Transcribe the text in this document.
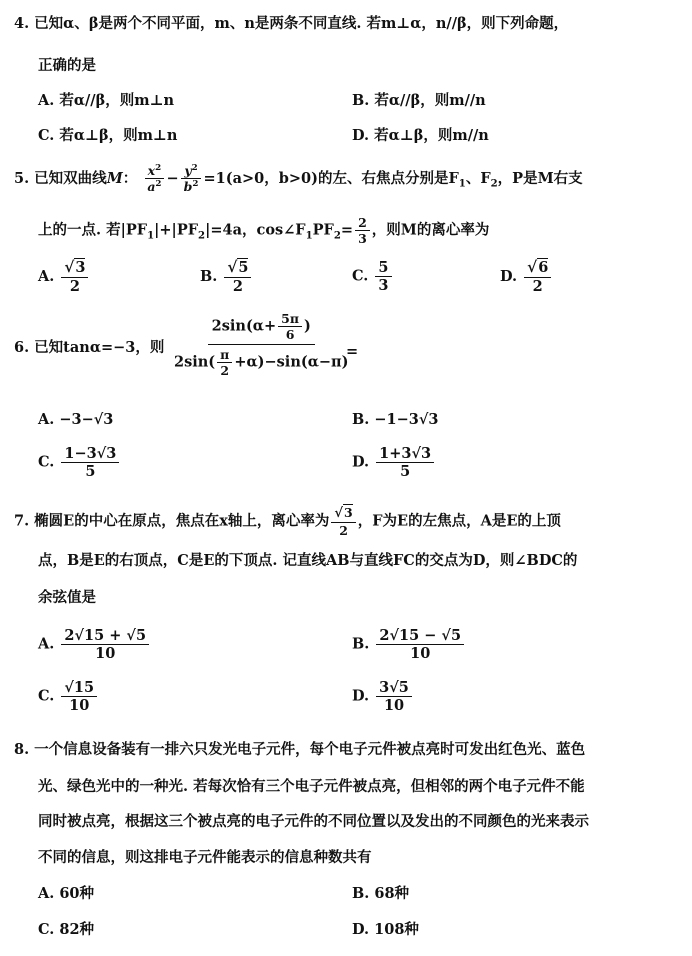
4. 已知α、β是两个不同平面，m、n是两条不同直线. 若m⊥α，n//β，则下列命题，
正确的是
A. 若α//β，则m⊥n	B. 若α//β，则m//n
C. 若α⊥β，则m⊥n	D. 若α⊥β，则m//n
5. 已知双曲线M： $\frac{x^2}{a^2} - \frac{y^2}{b^2} =1(a>0$，b>0)的左、右焦点分别是$F_1$、$F_2$，P是M右支
上的一点. 若$|PF_1|+|PF_2|=4a$，$\cos\angle F_1PF_2= \frac{2}{3}$ ，则M的离心率为
A. $\frac{√3}{2}$	B. $\frac{√5}{2}$	C. $\frac{5}{3}$	D. $\frac{√6}{2}$
6. 已知tanα=−3，则 $\frac{2\sin(\alpha+ \frac{5\pi}{6} )}{2\sin( \frac{\pi}{2} +\alpha)-\sin(\alpha-\pi)}$
=
A. −3−√3	B. −1−3√3
C. $\frac{1-3√3}{5}$	D. $\frac{1+3√3}{5}$
7. 椭圆E的中心在原点，焦点在x轴上，离心率为 $\frac{√3}{2}$ ，F为E的左焦点，A是E的上顶
点，B是E的右顶点，C是E的下顶点. 记直线AB与直线FC的交点为D，则∠BDC的
余弦值是
A. $\frac{2√15 + √5}{10}$	B. $\frac{2√15 - √5}{10}$
C. $\frac{√15}{10}$	D. $\frac{3√5}{10}$
8. 一个信息设备装有一排六只发光电子元件，每个电子元件被点亮时可发出红色光、蓝色
光、绿色光中的一种光. 若每次恰有三个电子元件被点亮，但相邻的两个电子元件不能
同时被点亮，根据这三个被点亮的电子元件的不同位置以及发出的不同颜色的光来表示
不同的信息，则这排电子元件能表示的信息种数共有
A. 60种	B. 68种
C. 82种	D. 108种
